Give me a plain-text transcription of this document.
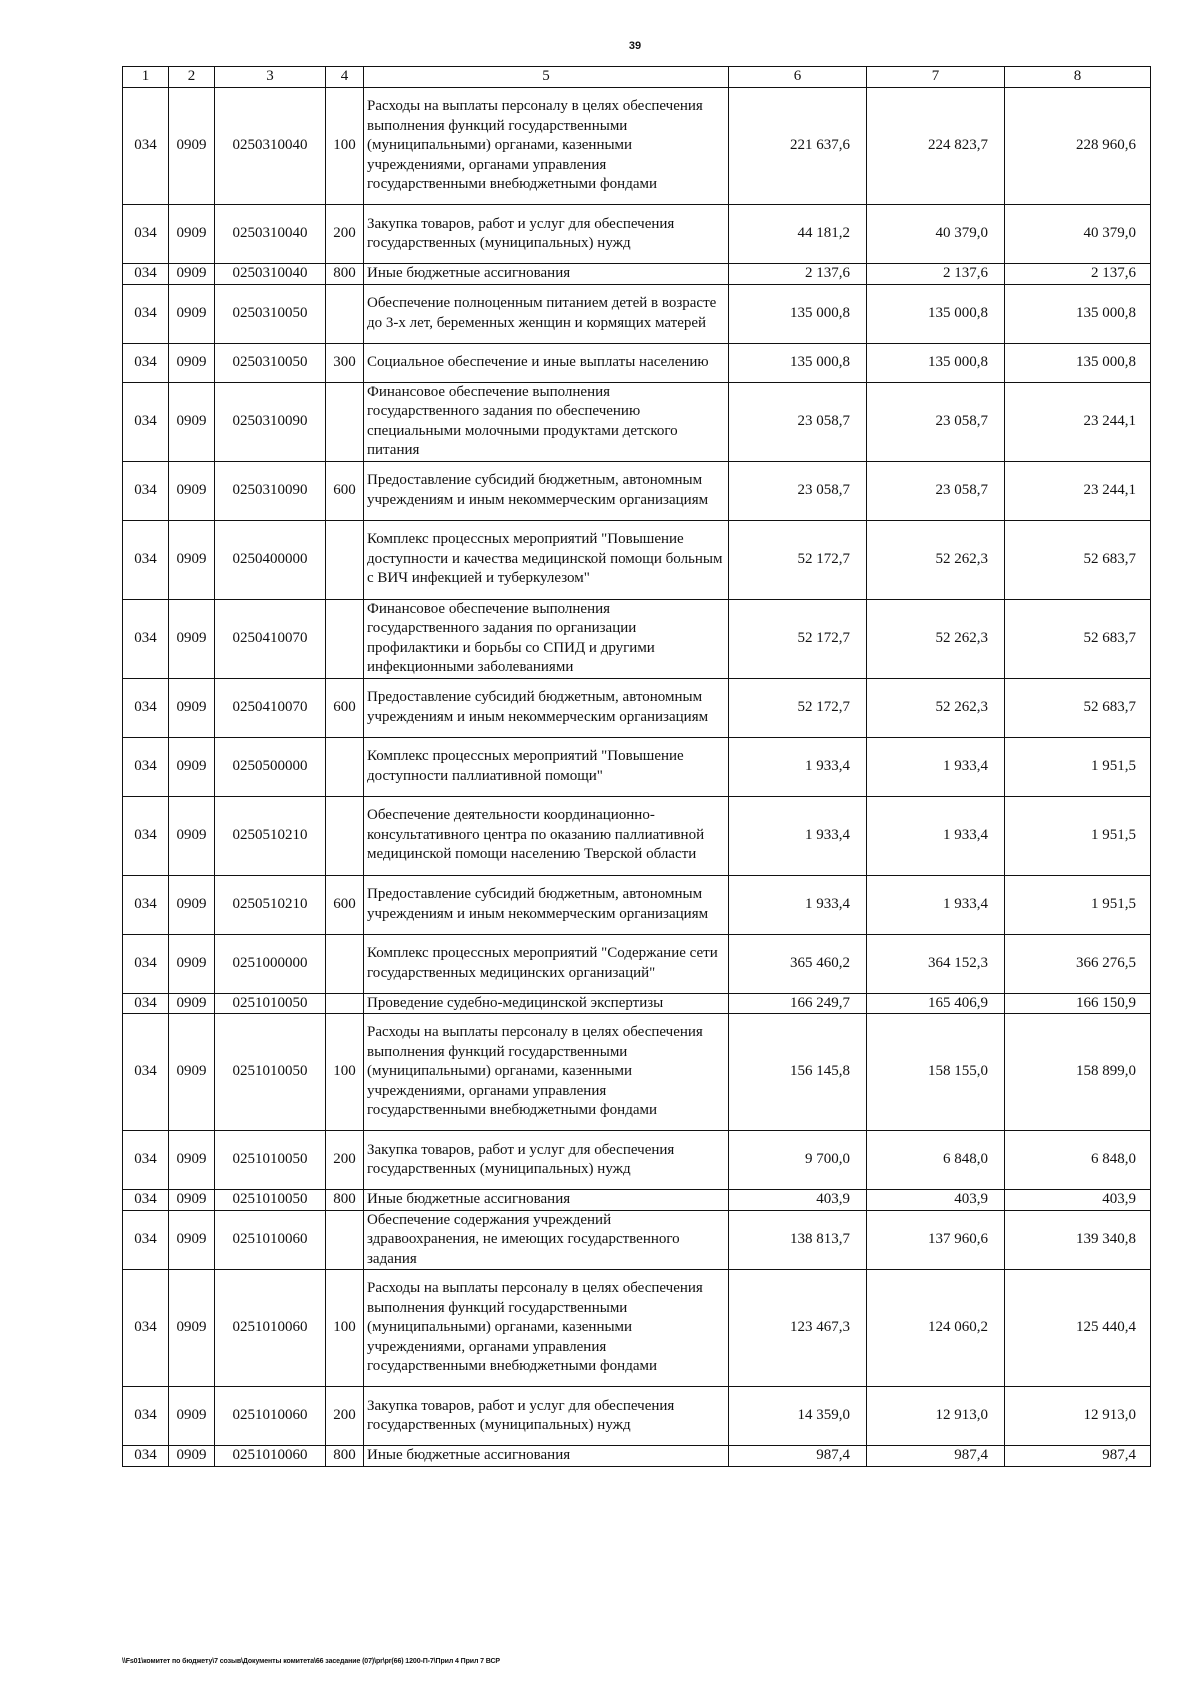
39
1	2	3	4	5	6	7	8
034	0909	0250310040	100	Расходы на выплаты персоналу в целях обеспечения выполнения функций государственными (муниципальными) органами, казенными учреждениями, органами управления государственными внебюджетными фондами	221 637,6	224 823,7	228 960,6
034	0909	0250310040	200	Закупка товаров, работ и услуг для обеспечения государственных (муниципальных) нужд	44 181,2	40 379,0	40 379,0
034	0909	0250310040	800	Иные бюджетные ассигнования	2 137,6	2 137,6	2 137,6
034	0909	0250310050		Обеспечение полноценным питанием детей в возрасте до 3-х лет, беременных женщин и кормящих матерей	135 000,8	135 000,8	135 000,8
034	0909	0250310050	300	Социальное обеспечение и иные выплаты населению	135 000,8	135 000,8	135 000,8
034	0909	0250310090		Финансовое обеспечение выполнения государственного задания по обеспечению специальными молочными продуктами детского питания	23 058,7	23 058,7	23 244,1
034	0909	0250310090	600	Предоставление субсидий бюджетным, автономным учреждениям и иным некоммерческим организациям	23 058,7	23 058,7	23 244,1
034	0909	0250400000		Комплекс процессных мероприятий "Повышение доступности и качества медицинской помощи больным с ВИЧ инфекцией и туберкулезом"	52 172,7	52 262,3	52 683,7
034	0909	0250410070		Финансовое обеспечение выполнения государственного задания по организации профилактики и борьбы со СПИД и другими инфекционными заболеваниями	52 172,7	52 262,3	52 683,7
034	0909	0250410070	600	Предоставление субсидий бюджетным, автономным учреждениям и иным некоммерческим организациям	52 172,7	52 262,3	52 683,7
034	0909	0250500000		Комплекс процессных мероприятий "Повышение доступности паллиативной помощи"	1 933,4	1 933,4	1 951,5
034	0909	0250510210		Обеспечение деятельности координационно-консультативного центра по оказанию паллиативной медицинской помощи населению Тверской области	1 933,4	1 933,4	1 951,5
034	0909	0250510210	600	Предоставление субсидий бюджетным, автономным учреждениям и иным некоммерческим организациям	1 933,4	1 933,4	1 951,5
034	0909	0251000000		Комплекс процессных мероприятий "Содержание сети государственных медицинских организаций"	365 460,2	364 152,3	366 276,5
034	0909	0251010050		Проведение судебно-медицинской экспертизы	166 249,7	165 406,9	166 150,9
034	0909	0251010050	100	Расходы на выплаты персоналу в целях обеспечения выполнения функций государственными (муниципальными) органами, казенными учреждениями, органами управления государственными внебюджетными фондами	156 145,8	158 155,0	158 899,0
034	0909	0251010050	200	Закупка товаров, работ и услуг для обеспечения государственных (муниципальных) нужд	9 700,0	6 848,0	6 848,0
034	0909	0251010050	800	Иные бюджетные ассигнования	403,9	403,9	403,9
034	0909	0251010060		Обеспечение содержания учреждений здравоохранения, не имеющих государственного задания	138 813,7	137 960,6	139 340,8
034	0909	0251010060	100	Расходы на выплаты персоналу в целях обеспечения выполнения функций государственными (муниципальными) органами, казенными учреждениями, органами управления государственными внебюджетными фондами	123 467,3	124 060,2	125 440,4
034	0909	0251010060	200	Закупка товаров, работ и услуг для обеспечения государственных (муниципальных) нужд	14 359,0	12 913,0	12 913,0
034	0909	0251010060	800	Иные бюджетные ассигнования	987,4	987,4	987,4
\\Fs01\комитет по бюджету\7 созыв\Документы комитета\66 заседание (07)\pr\pr(66) 1200-П-7\Прил 4 Прил 7 ВСР
